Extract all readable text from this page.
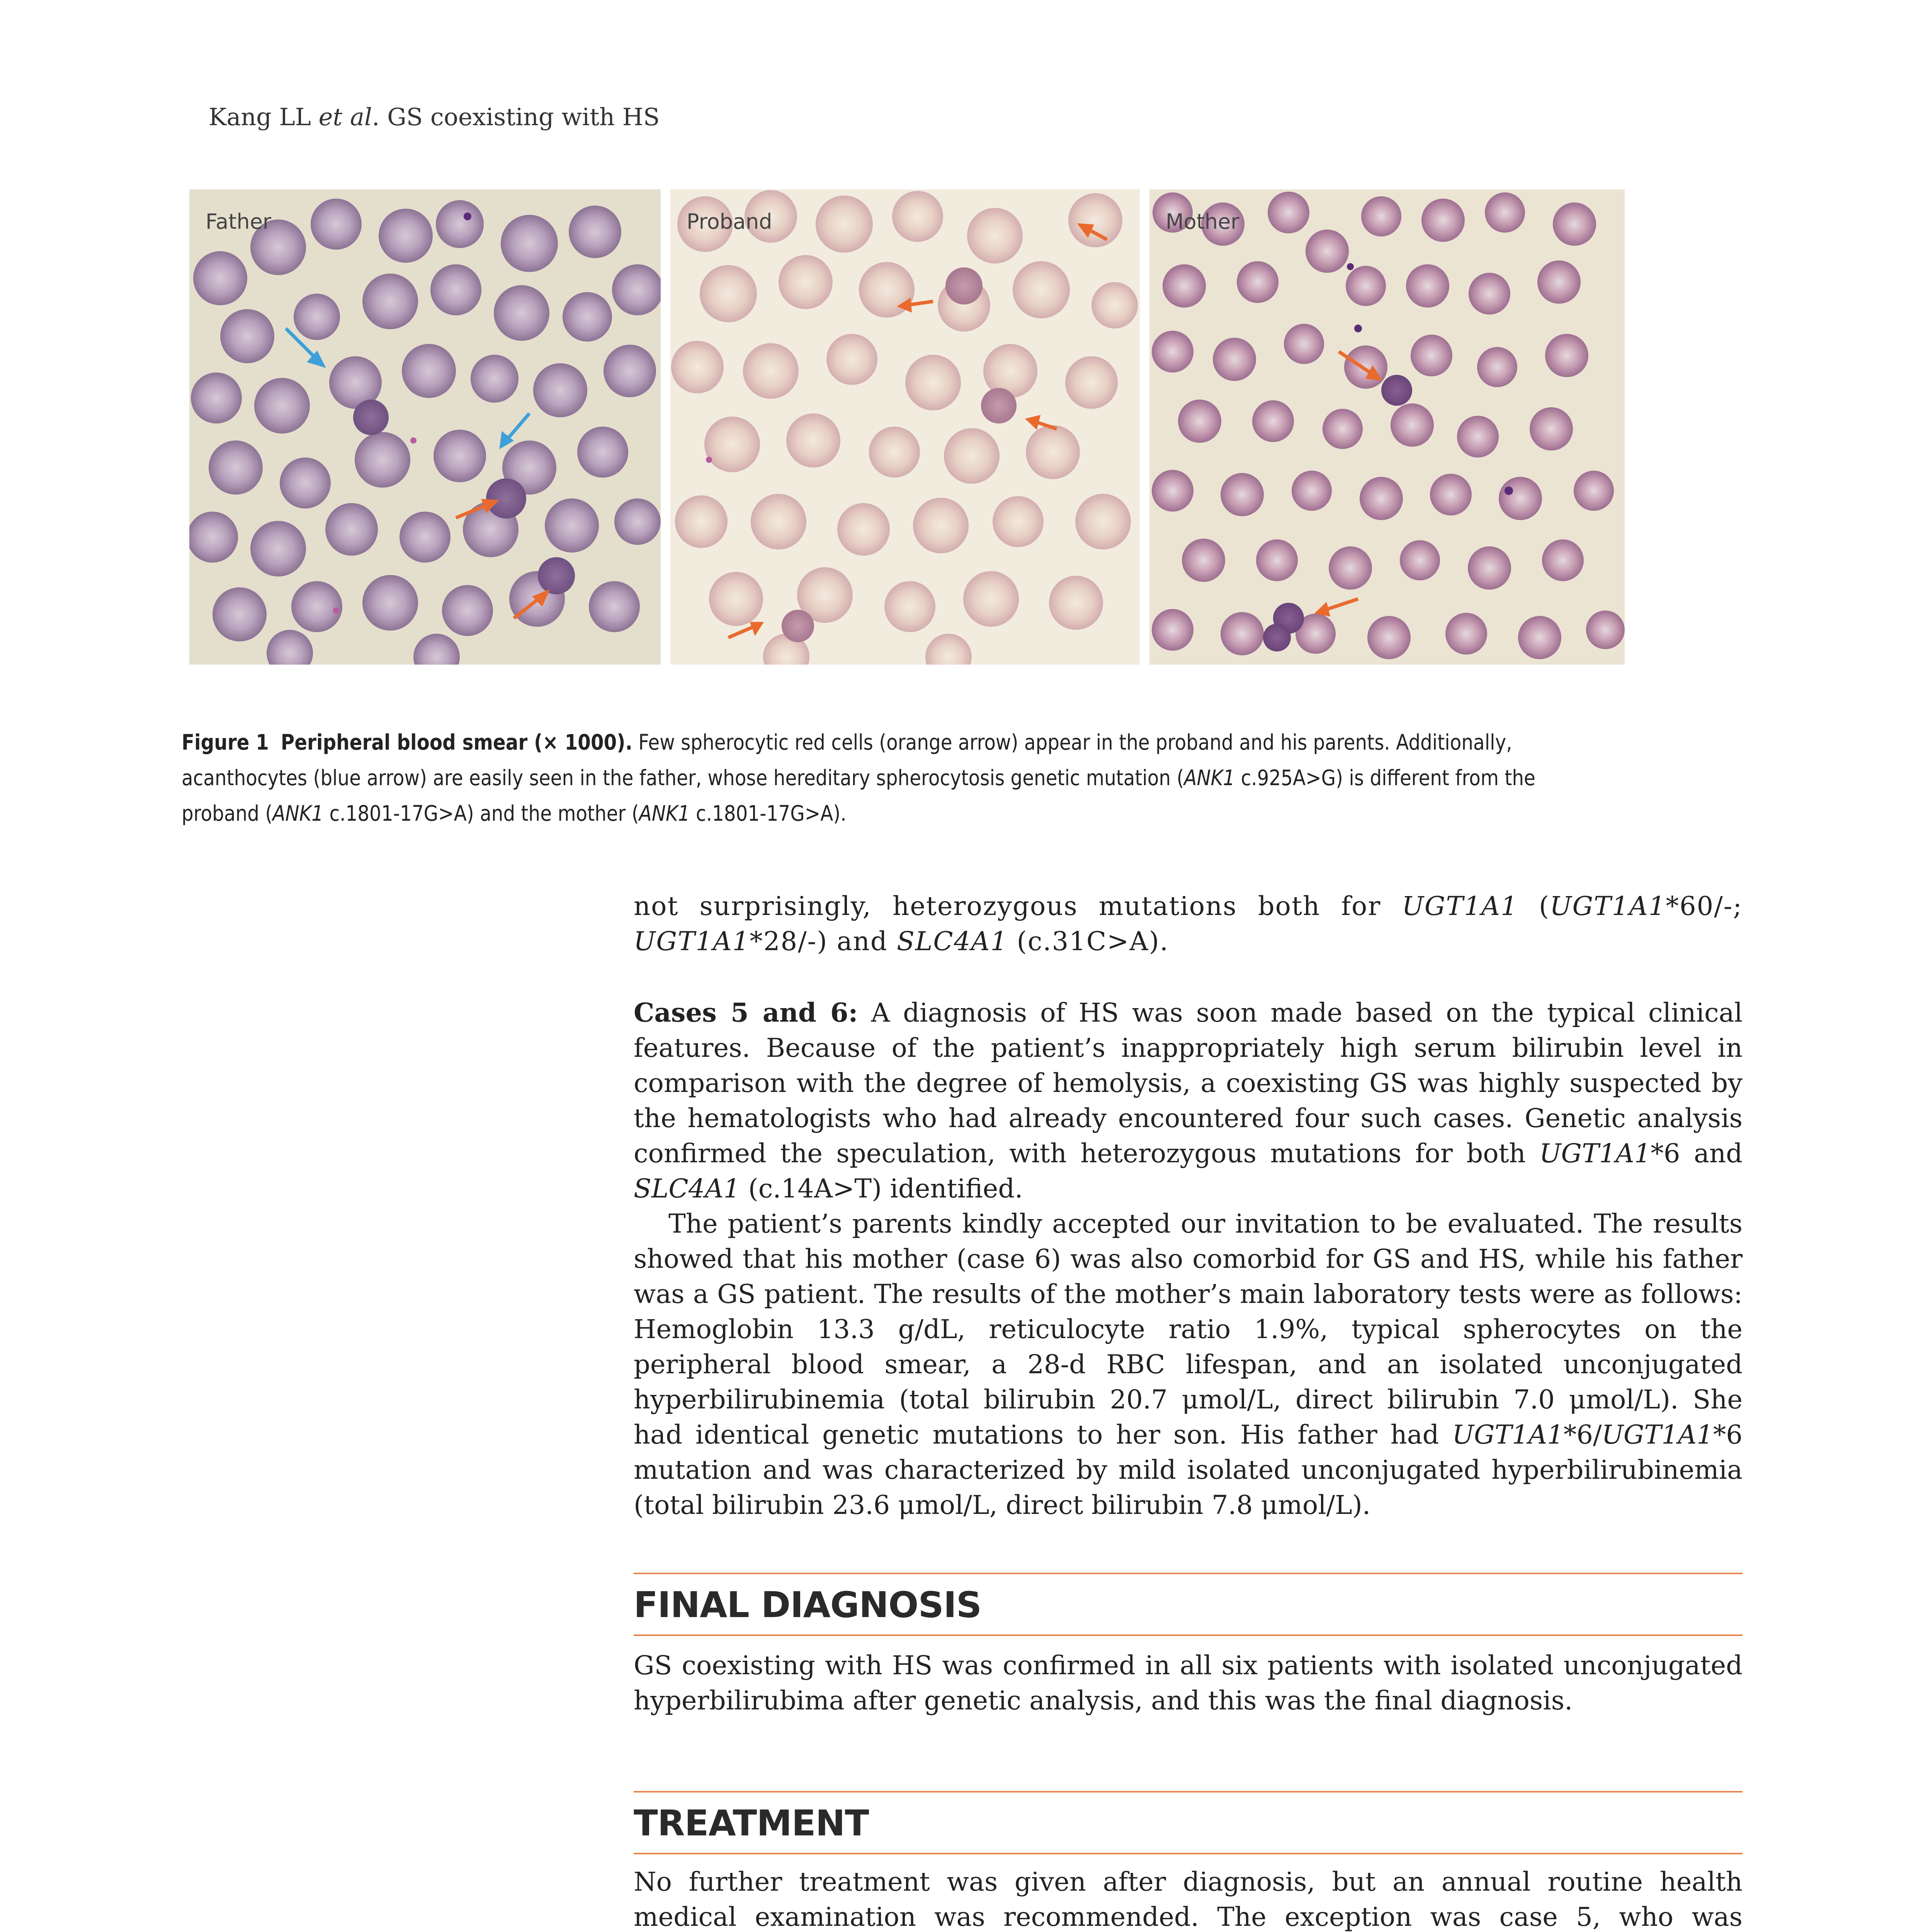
Kang LL et al. GS coexisting with HS
Father	Proband	Mother
Figure 1 Peripheral blood smear (× 1000). Few spherocytic red cells (orange arrow) appear in the proband and his parents. Additionally, acanthocytes (blue arrow) are easily seen in the father, whose hereditary spherocytosis genetic mutation (ANK1 c.925A>G) is different from the proband (ANK1 c.1801-17G>A) and the mother (ANK1 c.1801-17G>A).

not surprisingly, heterozygous mutations both for UGT1A1 (UGT1A1*60/-; UGT1A1*28/-) and SLC4A1 (c.31C>A).

Cases 5 and 6: A diagnosis of HS was soon made based on the typical clinical features. Because of the patient’s inappropriately high serum bilirubin level in comparison with the degree of hemolysis, a coexisting GS was highly suspected by the hematologists who had already encountered four such cases. Genetic analysis confirmed the speculation, with heterozygous mutations for both UGT1A1*6 and SLC4A1 (c.14A>T) identified.

The patient’s parents kindly accepted our invitation to be evaluated. The results showed that his mother (case 6) was also comorbid for GS and HS, while his father was a GS patient. The results of the mother’s main laboratory tests were as follows: Hemoglobin 13.3 g/dL, reticulocyte ratio 1.9%, typical spherocytes on the peripheral blood smear, a 28-d RBC lifespan, and an isolated unconjugated hyperbilirubinemia (total bilirubin 20.7 μmol/L, direct bilirubin 7.0 μmol/L). She had identical genetic mutations to her son. His father had UGT1A1*6/UGT1A1*6 mutation and was characterized by mild isolated unconjugated hyperbilirubinemia (total bilirubin 23.6 μmol/L, direct bilirubin 7.8 μmol/L).

FINAL DIAGNOSIS

GS coexisting with HS was confirmed in all six patients with isolated unconjugated hyperbilirubima after genetic analysis, and this was the final diagnosis.

TREATMENT

No further treatment was given after diagnosis, but an annual routine health medical examination was recommended. The exception was case 5, who was
